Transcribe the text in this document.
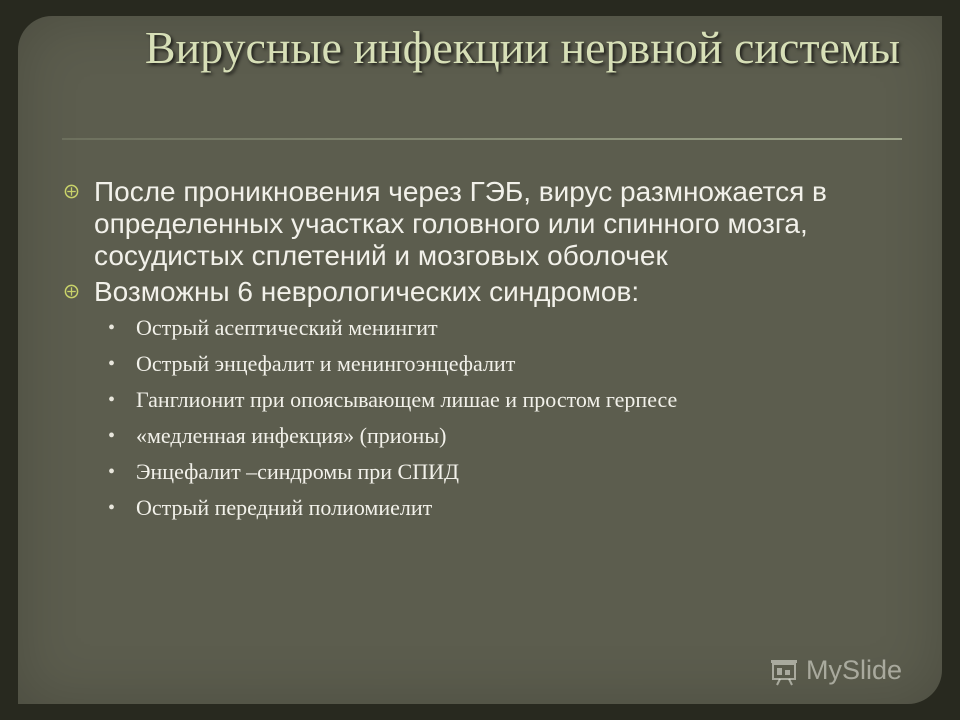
Вирусные инфекции нервной системы
После проникновения через ГЭБ, вирус размножается в определенных участках головного или спинного мозга, сосудистых сплетений и мозговых оболочек
Возможны 6 неврологических синдромов:
• Острый асептический менингит
• Острый энцефалит и менингоэнцефалит
• Ганглионит при опоясывающем лишае и простом герпесе
• «медленная инфекция» (прионы)
• Энцефалит –синдромы при СПИД
• Острый передний полиомиелит
MySlide
